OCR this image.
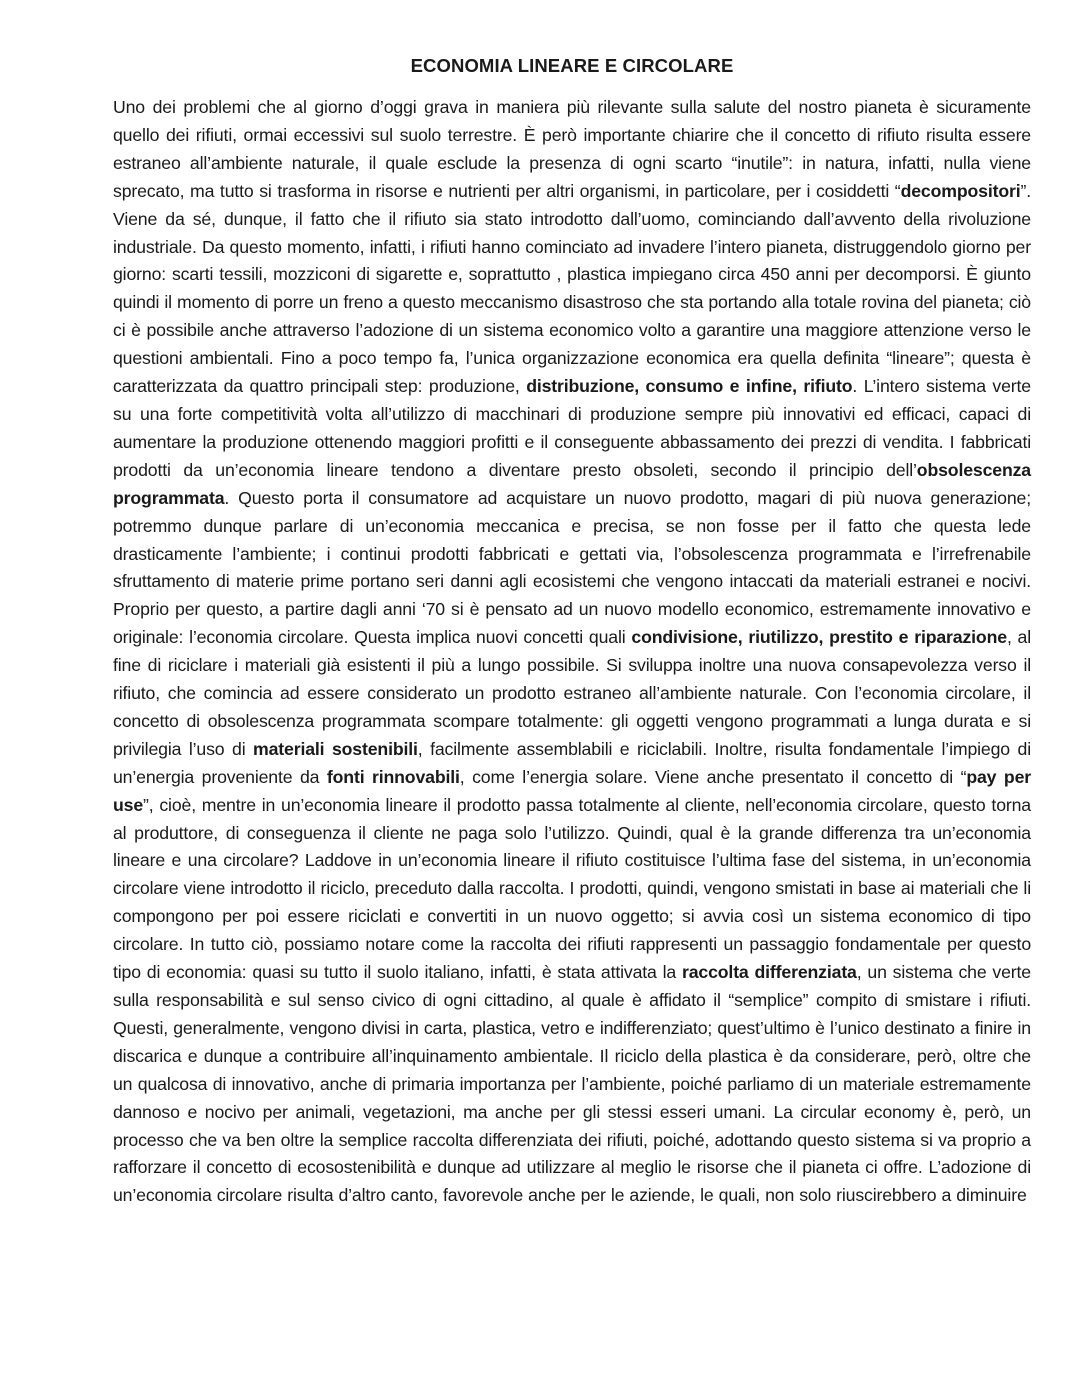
ECONOMIA LINEARE E CIRCOLARE

Uno dei problemi che al giorno d’oggi grava in maniera più rilevante sulla salute del nostro pianeta è sicuramente quello dei rifiuti, ormai eccessivi sul suolo terrestre. È però importante chiarire che il concetto di rifiuto risulta essere estraneo all’ambiente naturale, il quale esclude la presenza di ogni scarto “inutile”: in natura, infatti, nulla viene sprecato, ma tutto si trasforma in risorse e nutrienti per altri organismi, in particolare, per i cosiddetti “decompositori”. Viene da sé, dunque, il fatto che il rifiuto sia stato introdotto dall’uomo, cominciando dall’avvento della rivoluzione industriale. Da questo momento, infatti, i rifiuti hanno cominciato ad invadere l’intero pianeta, distruggendolo giorno per giorno: scarti tessili, mozziconi di sigarette e, soprattutto , plastica impiegano circa 450 anni per decomporsi. È giunto quindi il momento di porre un freno a questo meccanismo disastroso che sta portando alla totale rovina del pianeta; ciò ci è possibile anche attraverso l’adozione di un sistema economico volto a garantire una maggiore attenzione verso le questioni ambientali. Fino a poco tempo fa, l’unica organizzazione economica era quella definita “lineare”; questa è caratterizzata da quattro principali step: produzione, distribuzione, consumo e infine, rifiuto. L’intero sistema verte su una forte competitività volta all’utilizzo di macchinari di produzione sempre più innovativi ed efficaci, capaci di aumentare la produzione ottenendo maggiori profitti e il conseguente abbassamento dei prezzi di vendita. I fabbricati prodotti da un’economia lineare tendono a diventare presto obsoleti, secondo il principio dell’obsolescenza programmata. Questo porta il consumatore ad acquistare un nuovo prodotto, magari di più nuova generazione; potremmo dunque parlare di un’economia meccanica e precisa, se non fosse per il fatto che questa lede drasticamente l’ambiente; i continui prodotti fabbricati e gettati via, l’obsolescenza programmata e l’irrefrenabile sfruttamento di materie prime portano seri danni agli ecosistemi che vengono intaccati da materiali estranei e nocivi. Proprio per questo, a partire dagli anni ‘70 si è pensato ad un nuovo modello economico, estremamente innovativo e originale: l’economia circolare. Questa implica nuovi concetti quali condivisione, riutilizzo, prestito e riparazione, al fine di riciclare i materiali già esistenti il più a lungo possibile. Si sviluppa inoltre una nuova consapevolezza verso il rifiuto, che comincia ad essere considerato un prodotto estraneo all’ambiente naturale. Con l’economia circolare, il concetto di obsolescenza programmata scompare totalmente: gli oggetti vengono programmati a lunga durata e si privilegia l’uso di materiali sostenibili, facilmente assemblabili e riciclabili. Inoltre, risulta fondamentale l’impiego di un’energia proveniente da fonti rinnovabili, come l’energia solare. Viene anche presentato il concetto di “pay per use”, cioè, mentre in un’economia lineare il prodotto passa totalmente al cliente, nell’economia circolare, questo torna al produttore, di conseguenza il cliente ne paga solo l’utilizzo. Quindi, qual è la grande differenza tra un’economia lineare e una circolare? Laddove in un’economia lineare il rifiuto costituisce l’ultima fase del sistema, in un’economia circolare viene introdotto il riciclo, preceduto dalla raccolta. I prodotti, quindi, vengono smistati in base ai materiali che li compongono per poi essere riciclati e convertiti in un nuovo oggetto; si avvia così un sistema economico di tipo circolare. In tutto ciò, possiamo notare come la raccolta dei rifiuti rappresenti un passaggio fondamentale per questo tipo di economia: quasi su tutto il suolo italiano, infatti, è stata attivata la raccolta differenziata, un sistema che verte sulla responsabilità e sul senso civico di ogni cittadino, al quale è affidato il “semplice” compito di smistare i rifiuti. Questi, generalmente, vengono divisi in carta, plastica, vetro e indifferenziato; quest’ultimo è l’unico destinato a finire in discarica e dunque a contribuire all’inquinamento ambientale. Il riciclo della plastica è da considerare, però, oltre che un qualcosa di innovativo, anche di primaria importanza per l’ambiente, poiché parliamo di un materiale estremamente dannoso e nocivo per animali, vegetazioni, ma anche per gli stessi esseri umani. La circular economy è, però, un processo che va ben oltre la semplice raccolta differenziata dei rifiuti, poiché, adottando questo sistema si va proprio a rafforzare il concetto di ecosostenibilità e dunque ad utilizzare al meglio le risorse che il pianeta ci offre. L’adozione di un’economia circolare risulta d’altro canto, favorevole anche per le aziende, le quali, non solo riuscirebbero a diminuire
